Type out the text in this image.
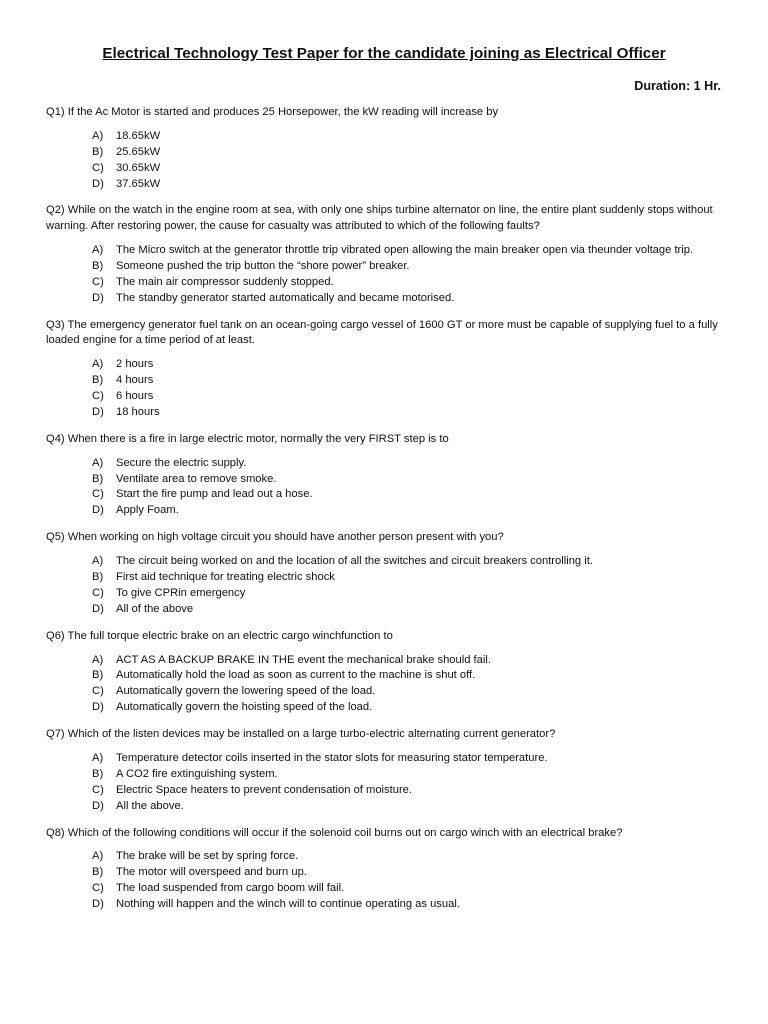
Electrical Technology Test Paper for the candidate joining as Electrical Officer
Duration: 1 Hr.

Q1) If the Ac Motor is started and produces 25 Horsepower, the kW reading will increase by

A)	18.65kW
B)	25.65kW
C)	30.65kW
D)	37.65kW

Q2) While on the watch in the engine room at sea, with only one ships turbine alternator on line, the entire plant suddenly stops without warning. After restoring power, the cause for casualty was attributed to which of the following faults?

A)	The Micro switch at the generator throttle trip vibrated open allowing the main breaker open via theunder voltage trip.
B)	Someone pushed the trip button the “shore power” breaker.
C)	The main air compressor suddenly stopped.
D)	The standby generator started automatically and became motorised.

Q3) The emergency generator fuel tank on an ocean-going cargo vessel of 1600 GT or more must be capable of supplying fuel to a fully loaded engine for a time period of at least.

A)	2 hours
B)	4 hours
C)	6 hours
D)	18 hours

Q4) When there is a fire in large electric motor, normally the very FIRST step is to

A)	Secure the electric supply.
B)	Ventilate area to remove smoke.
C)	Start the fire pump and lead out a hose.
D)	Apply Foam.

Q5) When working on high voltage circuit you should have another person present with you?

A)	The circuit being worked on and the location of all the switches and circuit breakers controlling it.
B)	First aid technique for treating electric shock
C)	To give CPRin emergency
D)	All of the above

Q6) The full torque electric brake on an electric cargo winchfunction to

A)	ACT AS A BACKUP BRAKE IN THE event the mechanical brake should fail.
B)	Automatically hold the load as soon as current to the machine is shut off.
C)	Automatically govern the lowering speed of the load.
D)	Automatically govern the hoisting speed of the load.

Q7) Which of the listen devices may be installed on a large turbo-electric alternating current generator?

A)	Temperature detector coils inserted in the stator slots for measuring stator temperature.
B)	A CO2 fire extinguishing system.
C)	Electric Space heaters to prevent condensation of moisture.
D)	All the above.

Q8) Which of the following conditions will occur if the solenoid coil burns out on cargo winch with an electrical brake?

A)	The brake will be set by spring force.
B)	The motor will overspeed and burn up.
C)	The load suspended from cargo boom will fail.
D)	Nothing will happen and the winch will to continue operating as usual.
